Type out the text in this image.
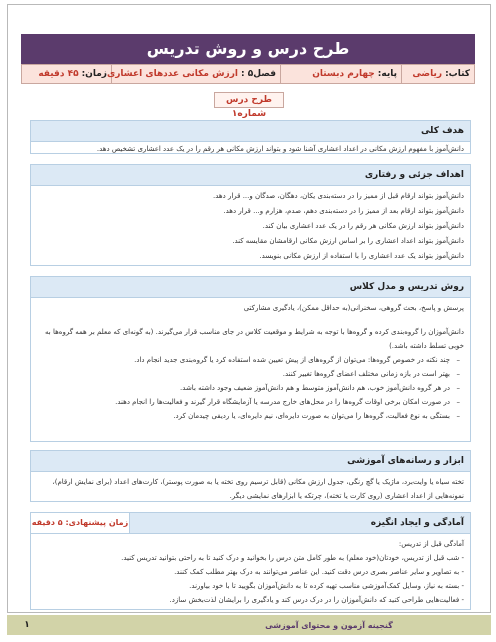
طرح درس و روش تدریس
کتاب:
ریاضی
پایه:
چهارم دبستان
فصل۵ :
ارزش مکانی عددهای اعشاری
زمان:
۴۵ دقیقه
طرح درس شماره۱
هدف کلی
دانش‌آموز با مفهوم ارزش مکانی در اعداد اعشاری آشنا شود و بتواند ارزش مکانی هر رقم را در یک عدد اعشاری تشخیص دهد.
اهداف جزئی و رفتاری

دانش‌آموز بتواند ارقام قبل از ممیز را در دسته‌بندی یکان، دهگان، صدگان و... قرار دهد.

دانش‌آموز بتواند ارقام بعد از ممیز را در دسته‌بندی دهم، صدم، هزارم و... قرار دهد.

دانش‌آموز بتواند ارزش مکانی هر رقم را در یک عدد اعشاری بیان کند.

دانش‌آموز بتواند اعداد اعشاری را بر اساس ارزش مکانی ارقامشان مقایسه کند.

دانش‌آموز بتواند یک عدد اعشاری را با استفاده از ارزش مکانی بنویسد.

روش تدریس و مدل کلاس

پرسش و پاسخ، بحث گروهی، سخنرانی(به حداقل ممکن)، یادگیری مشارکتی

دانش‌آموزان را گروه‌بندی کرده و گروه‌ها با توجه به شرایط و موقعیت کلاس در جای مناسب قرار می‌گیرند. (به گونه‌ای که معلم بر همه گروه‌ها به خوبی تسلط داشته باشد.)

– چند نکته در خصوص گروه‌ها: می‌توان از گروه‌های از پیش تعیین شده استفاده کرد یا گروه‌بندی جدید انجام داد.
– بهتر است در بازه زمانی مختلف اعضای گروه‌ها تغییر کنند.
– در هر گروه دانش‌آموز خوب، هم دانش‌آموز متوسط و هم دانش‌آموز ضعیف وجود داشته باشد.
– در صورت امکان برخی اوقات گروه‌ها را در محل‌های خارج مدرسه یا آزمایشگاه قرار گیرند و فعالیت‌ها را انجام دهند.
– بستگی به نوع فعالیت، گروه‌ها را می‌توان به صورت دایره‌ای، نیم دایره‌ای، یا ردیفی چیدمان کرد.
ابزار و رسانه‌های آموزشی
تخته سیاه یا وایت‌برد، ماژیک یا گچ رنگی، جدول ارزش مکانی (قابل ترسیم روی تخته یا به صورت پوستر)، کارت‌های اعداد (برای نمایش ارقام)، نمونه‌هایی از اعداد اعشاری (روی کارت یا تخته)، چرتکه یا ابزارهای نمایشی دیگر.
آمادگی و ایجاد انگیزه
زمان پیشنهادی: ۵ دقیقه

آمادگی قبل از تدریس:

- شب قبل از تدریس، خودتان(خود معلم) به طور کامل متن درس را بخوانید و درک کنید تا به راحتی بتوانید تدریس کنید.

- به تصاویر و سایر عناصر بصری درس دقت کنید. این عناصر می‌توانند به درک بهتر مطلب کمک کنند.

- بسته به نیاز، وسایل کمک‌آموزشی مناسب تهیه کرده تا به دانش‌آموزان بگویید تا با خود بیاورند.

- فعالیت‌هایی طراحی کنید که دانش‌آموزان را در درک درس کند و یادگیری را برایشان لذت‌بخش سازد.

گنجینه آزمون و محتوای آموزشی
۱
